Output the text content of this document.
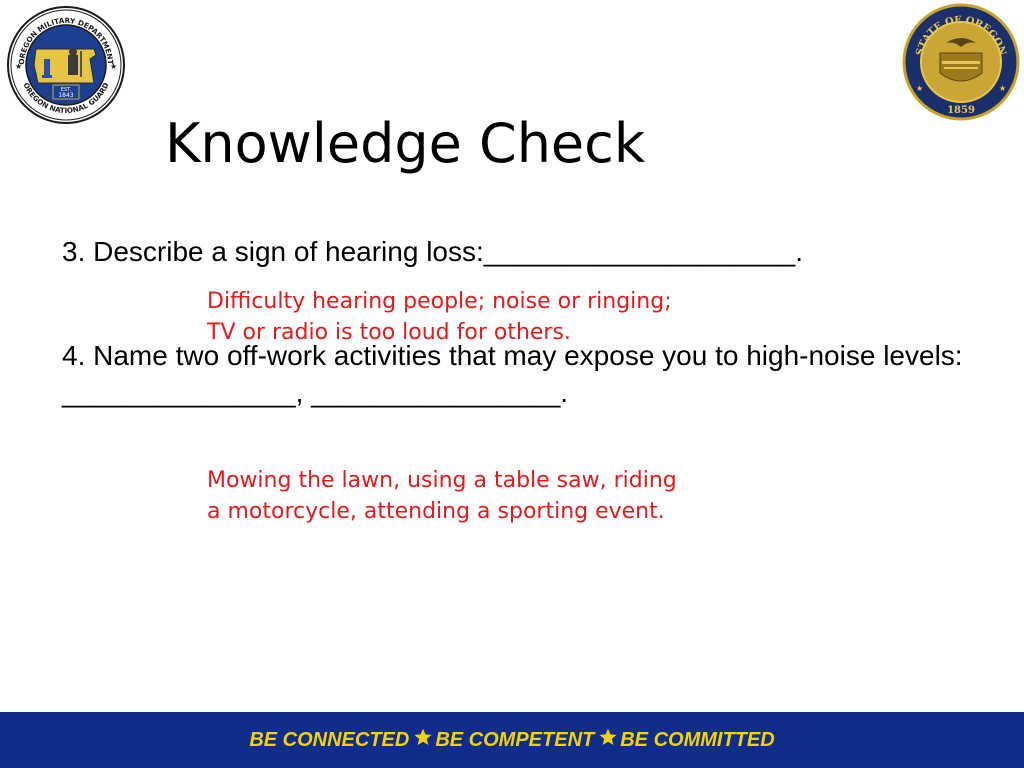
EST.
1843
OREGON MILITARY DEPARTMENT
OREGON NATIONAL GUARD
★	★
STATE OF OREGON
1859
★	★
Knowledge Check
3. Describe a sign of hearing loss:____________________.
Difficulty hearing people; noise or ringing;
TV or radio is too loud for others.
4. Name two off-work activities that may expose you to high-noise levels: _______________, ________________.
Mowing the lawn, using a table saw, riding
a motorcycle, attending a sporting event.
BE CONNECTED BE COMPETENT BE COMMITTED
